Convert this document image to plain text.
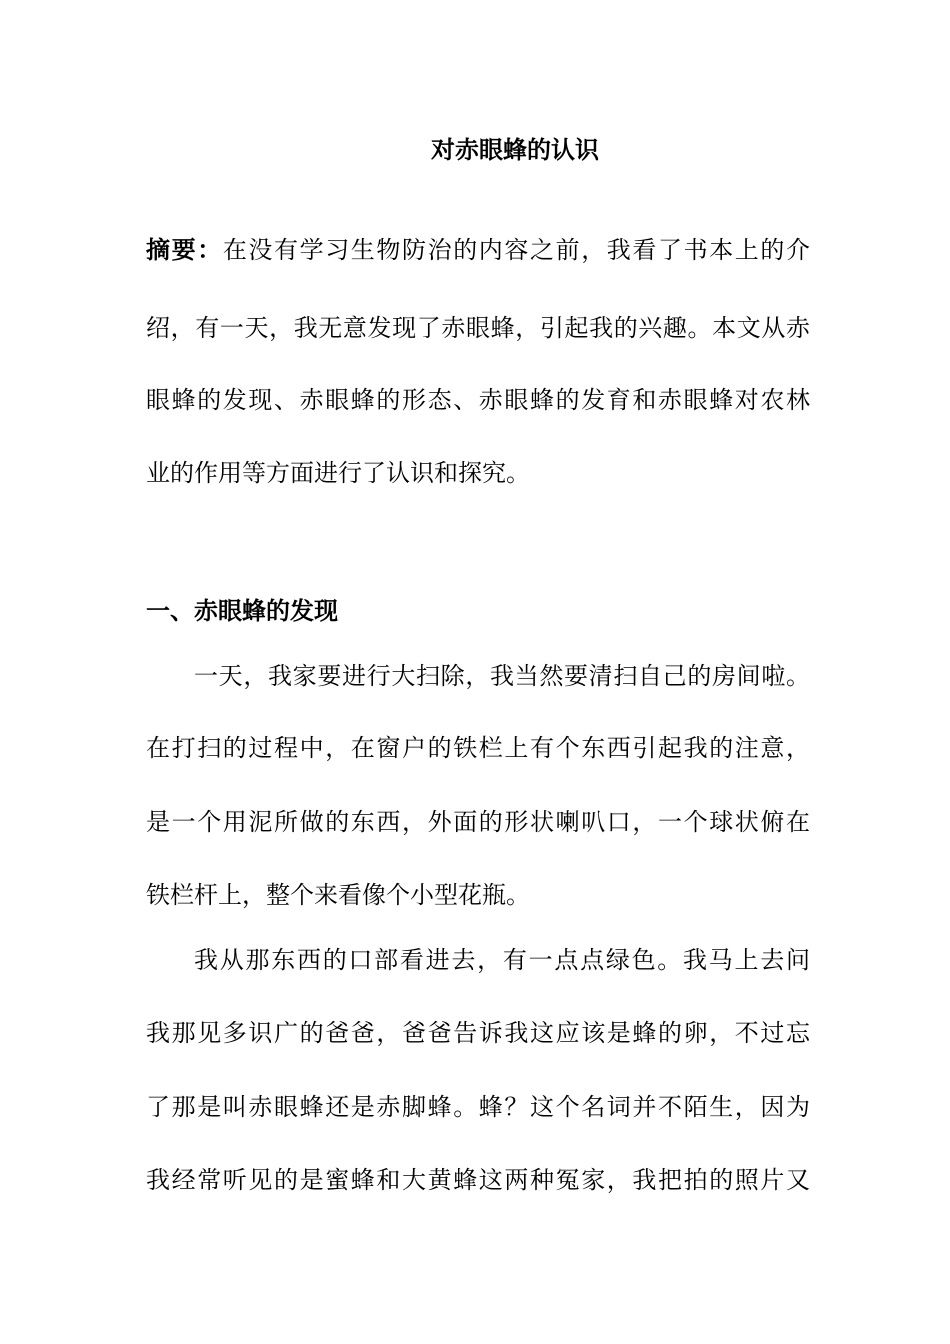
对赤眼蜂的认识
摘要：在没有学习生物防治的内容之前，我看了书本上的介
绍，有一天，我无意发现了赤眼蜂，引起我的兴趣。本文从赤
眼蜂的发现、赤眼蜂的形态、赤眼蜂的发育和赤眼蜂对农林
业的作用等方面进行了认识和探究。
一、赤眼蜂的发现
一天，我家要进行大扫除，我当然要清扫自己的房间啦。
在打扫的过程中，在窗户的铁栏上有个东西引起我的注意，
是一个用泥所做的东西，外面的形状喇叭口，一个球状俯在
铁栏杆上，整个来看像个小型花瓶。
我从那东西的口部看进去，有一点点绿色。我马上去问
我那见多识广的爸爸，爸爸告诉我这应该是蜂的卵，不过忘
了那是叫赤眼蜂还是赤脚蜂。蜂？这个名词并不陌生，因为
我经常听见的是蜜蜂和大黄蜂这两种冤家，我把拍的照片又
